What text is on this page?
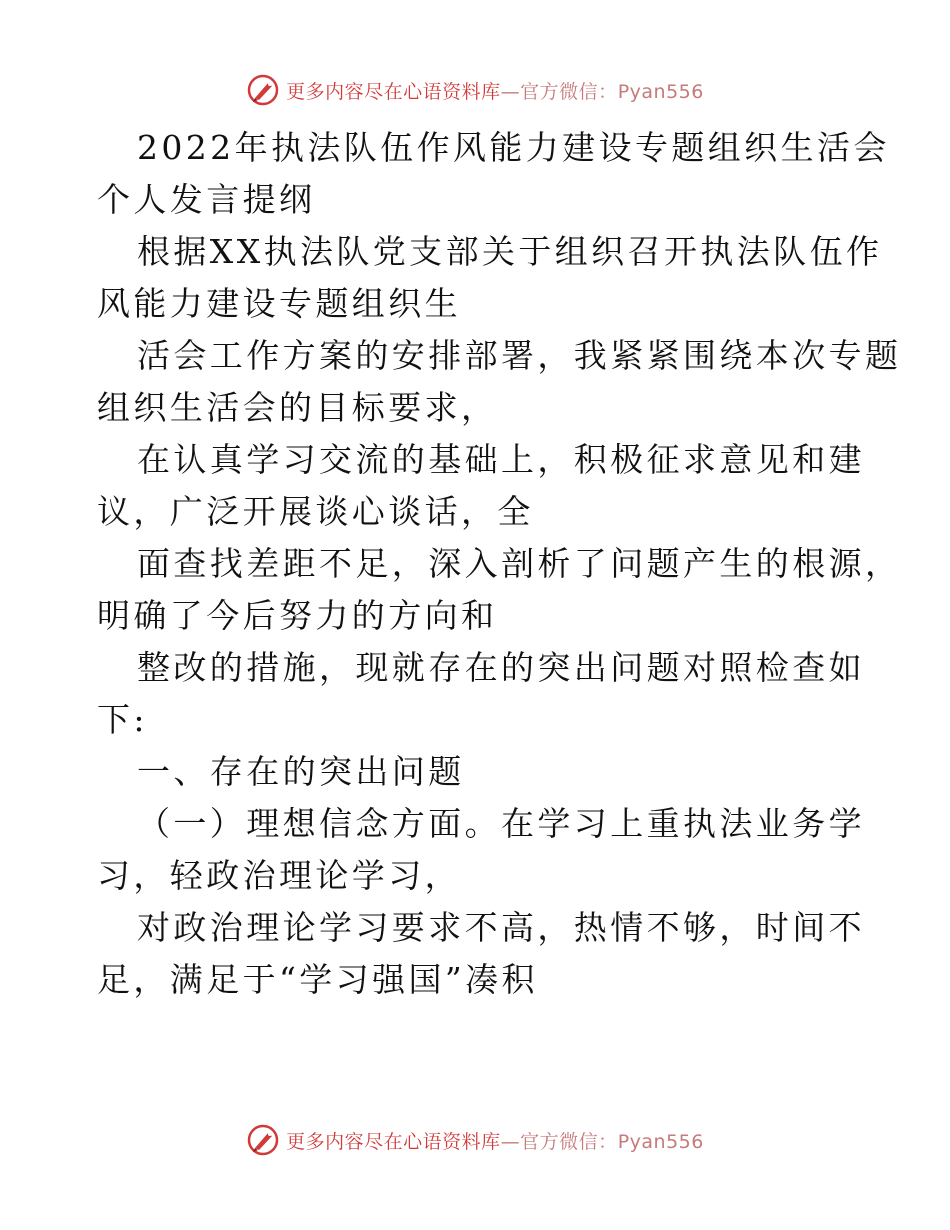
更多内容尽在心语资料库—官方微信：Pyan556
2022年执法队伍作风能力建设专题组织生活会
个人发言提纲
根据XX执法队党支部关于组织召开执法队伍作
风能力建设专题组织生
活会工作方案的安排部署，我紧紧围绕本次专题
组织生活会的目标要求，
在认真学习交流的基础上，积极征求意见和建
议，广泛开展谈心谈话，全
面查找差距不足，深入剖析了问题产生的根源，
明确了今后努力的方向和
整改的措施，现就存在的突出问题对照检查如
下:
一、存在的突出问题
（一）理想信念方面。在学习上重执法业务学
习，轻政治理论学习，
对政治理论学习要求不高，热情不够，时间不
足，满足于“学习强国”凑积
更多内容尽在心语资料库—官方微信：Pyan556
